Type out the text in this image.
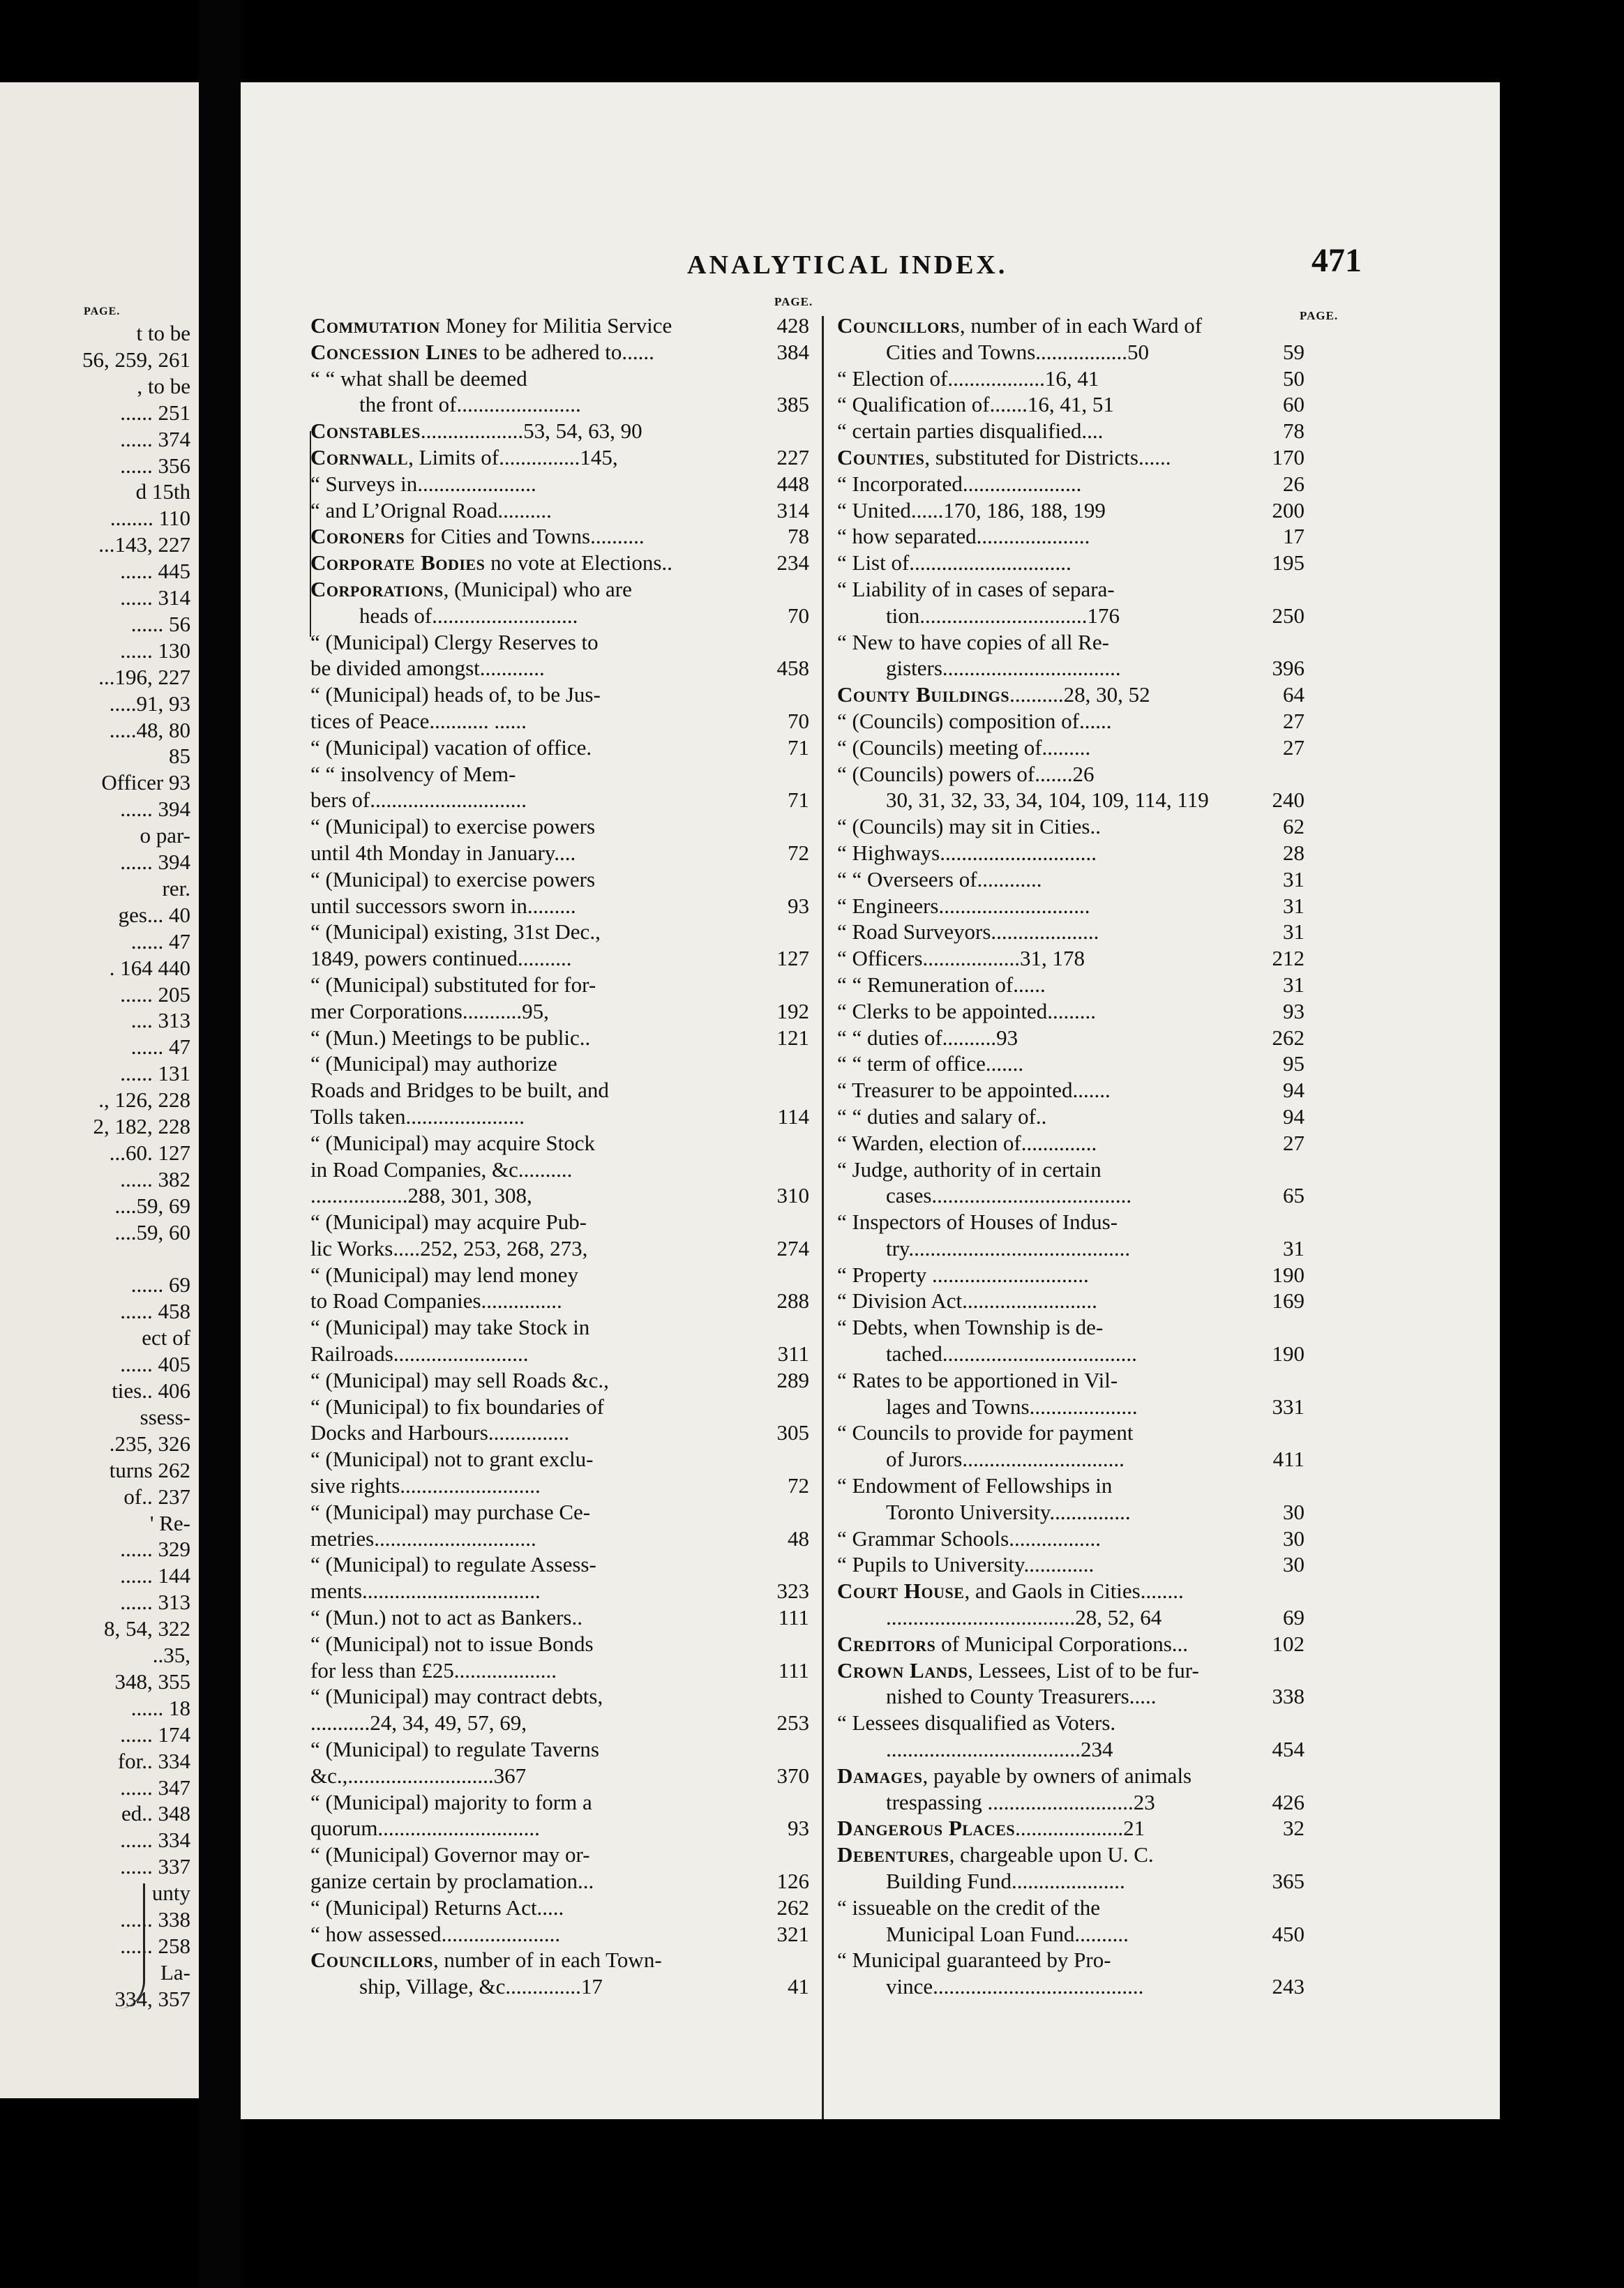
PAGE.
t to be
56, 259, 261
, to be
...... 251
...... 374
...... 356
d 15th
........ 110
...143, 227
...... 445
...... 314
...... 56
...... 130
...196, 227
.....91, 93
.....48, 80
85
Officer 93
...... 394
o par-
...... 394
rer.
ges... 40
...... 47
. 164 440
...... 205
.... 313
...... 47
...... 131
., 126, 228
2, 182, 228
...60. 127
...... 382
....59, 69
....59, 60
...... 69
...... 458
ect of
...... 405
ties.. 406
ssess-
.235, 326
turns 262
of.. 237
' Re-
...... 329
...... 144
...... 313
8, 54, 322
..35,
348, 355
...... 18
...... 174
for.. 334
...... 347
ed.. 348
...... 334
...... 337
unty
...... 338
...... 258
La-
334, 357
ANALYTICAL INDEX.	471
PAGE.
PAGE.
Commutation Money for Militia Service	428
Concession Lines to be adhered to......	384
“ “ what shall be deemed
the front of.......................	385
Constables...................53, 54, 63, 90
Cornwall, Limits of...............145,	227
“ Surveys in......................	448
“ and L’Orignal Road..........	314
Coroners for Cities and Towns..........	78
Corporate Bodies no vote at Elections..	234
Corporations, (Municipal) who are
heads of...........................	70
“ (Municipal) Clergy Reserves to
be divided amongst............	458
“ (Municipal) heads of, to be Jus-
tices of Peace........... ......	70
“ (Municipal) vacation of office.	71
“ “ insolvency of Mem-
bers of.............................	71
“ (Municipal) to exercise powers
until 4th Monday in January....	72
“ (Municipal) to exercise powers
until successors sworn in.........	93
“ (Municipal) existing, 31st Dec.,
1849, powers continued..........	127
“ (Municipal) substituted for for-
mer Corporations...........95,	192
“ (Mun.) Meetings to be public..	121
“ (Municipal) may authorize
Roads and Bridges to be built, and
Tolls taken......................	114
“ (Municipal) may acquire Stock
in Road Companies, &c..........
..................288, 301, 308,	310
“ (Municipal) may acquire Pub-
lic Works.....252, 253, 268, 273,	274
“ (Municipal) may lend money
to Road Companies...............	288
“ (Municipal) may take Stock in
Railroads.........................	311
“ (Municipal) may sell Roads &c.,	289
“ (Municipal) to fix boundaries of
Docks and Harbours...............	305
“ (Municipal) not to grant exclu-
sive rights..........................	72
“ (Municipal) may purchase Ce-
metries..............................	48
“ (Municipal) to regulate Assess-
ments.................................	323
“ (Mun.) not to act as Bankers..	111
“ (Municipal) not to issue Bonds
for less than £25...................	111
“ (Municipal) may contract debts,
...........24, 34, 49, 57, 69,	253
“ (Municipal) to regulate Taverns
&c.,...........................367	370
“ (Municipal) majority to form a
quorum..............................	93
“ (Municipal) Governor may or-
ganize certain by proclamation...	126
“ (Municipal) Returns Act.....	262
“ how assessed......................	321
Councillors, number of in each Town-
ship, Village, &c..............17	41
Councillors, number of in each Ward of
Cities and Towns.................50	59
“ Election of..................16, 41	50
“ Qualification of.......16, 41, 51	60
“ certain parties disqualified....	78
Counties, substituted for Districts......	170
“ Incorporated......................	26
“ United......170, 186, 188, 199	200
“ how separated.....................	17
“ List of..............................	195
“ Liability of in cases of separa-
tion...............................176	250
“ New to have copies of all Re-
gisters.................................	396
County Buildings..........28, 30, 52	64
“ (Councils) composition of......	27
“ (Councils) meeting of.........	27
“ (Councils) powers of.......26
30, 31, 32, 33, 34, 104, 109, 114, 119	240
“ (Councils) may sit in Cities..	62
“ Highways.............................	28
“ “ Overseers of............	31
“ Engineers............................	31
“ Road Surveyors....................	31
“ Officers..................31, 178	212
“ “ Remuneration of......	31
“ Clerks to be appointed.........	93
“ “ duties of..........93	262
“ “ term of office.......	95
“ Treasurer to be appointed.......	94
“ “ duties and salary of..	94
“ Warden, election of..............	27
“ Judge, authority of in certain
cases.....................................	65
“ Inspectors of Houses of Indus-
try.........................................	31
“ Property .............................	190
“ Division Act.........................	169
“ Debts, when Township is de-
tached....................................	190
“ Rates to be apportioned in Vil-
lages and Towns....................	331
“ Councils to provide for payment
of Jurors..............................	411
“ Endowment of Fellowships in
Toronto University...............	30
“ Grammar Schools.................	30
“ Pupils to University.............	30
Court House, and Gaols in Cities........
...................................28, 52, 64	69
Creditors of Municipal Corporations...	102
Crown Lands, Lessees, List of to be fur-
nished to County Treasurers.....	338
“ Lessees disqualified as Voters.
....................................234	454
Damages, payable by owners of animals
trespassing ...........................23	426
Dangerous Places....................21	32
Debentures, chargeable upon U. C.
Building Fund.....................	365
“ issueable on the credit of the
Municipal Loan Fund..........	450
“ Municipal guaranteed by Pro-
vince.......................................	243
